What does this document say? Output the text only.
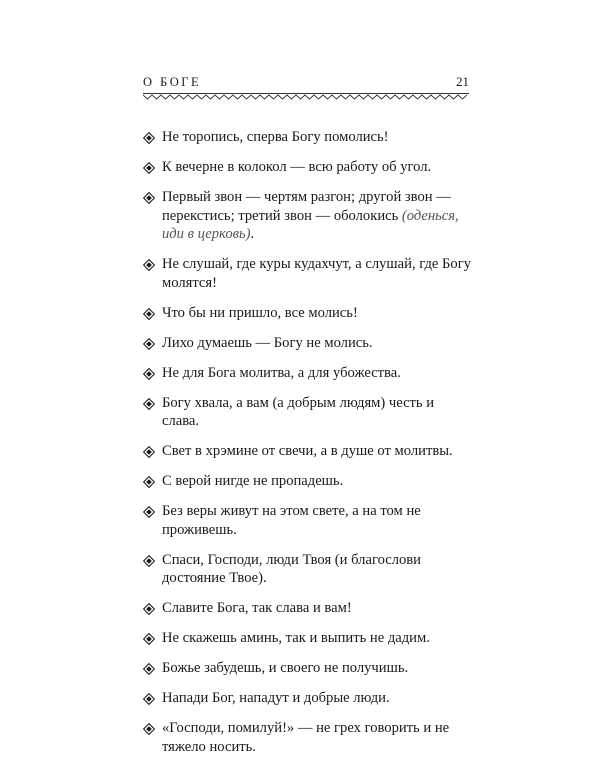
О БОГЕ	21
Не торопись, сперва Богу помолись!
К вечерне в колокол — всю работу об угол.
Первый звон — чертям разгон; другой звон — перекстись; третий звон — оболокись (оденься, иди в церковь).
Не слушай, где куры кудахчут, а слушай, где Богу молятся!
Что бы ни пришло, все молись!
Лихо думаешь — Богу не молись.
Не для Бога молитва, а для убожества.
Богу хвала, а вам (а добрым людям) честь и слава.
Свет в хрэмине от свечи, а в душе от молитвы.
С верой нигде не пропадешь.
Без веры живут на этом свете, а на том не проживешь.
Спаси, Господи, люди Твоя (и благослови достояние Твое).
Славите Бога, так слава и вам!
Не скажешь аминь, так и выпить не дадим.
Божье забудешь, и своего не получишь.
Напади Бог, нападут и добрые люди.
«Господи, помилуй!» — не грех говорить и не тяжело носить.
